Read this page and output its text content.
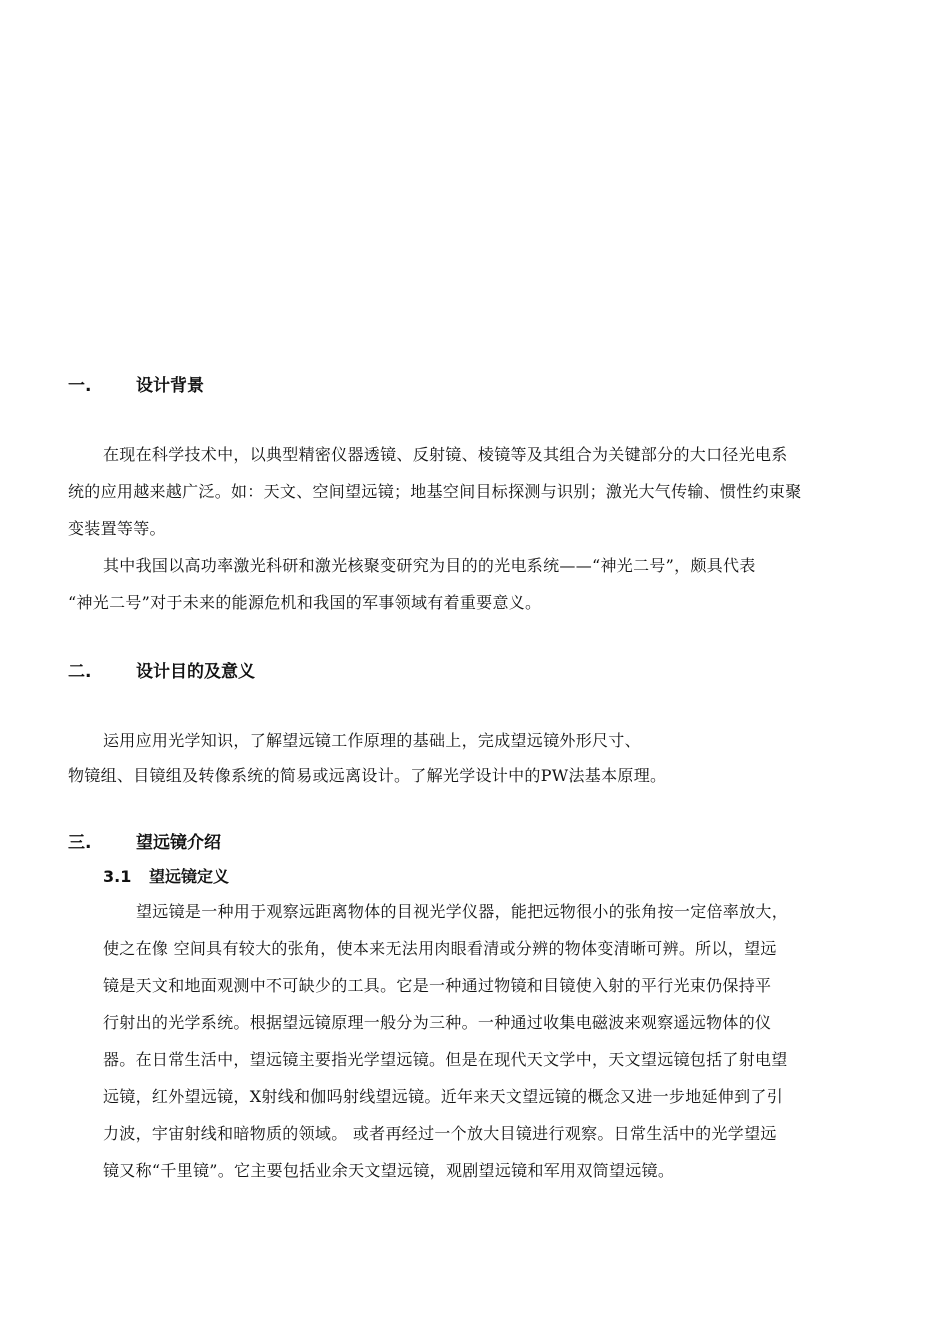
一.	设计背景
在现在科学技术中，以典型精密仪器透镜、反射镜、棱镜等及其组合为关键部分的大口径光电系
统的应用越来越广泛。如：天文、空间望远镜；地基空间目标探测与识别；激光大气传输、惯性约束聚
变装置等等。
其中我国以高功率激光科研和激光核聚变研究为目的的光电系统——“神光二号”，颇具代表
“神光二号”对于未来的能源危机和我国的军事领域有着重要意义。
二.	设计目的及意义
运用应用光学知识，了解望远镜工作原理的基础上，完成望远镜外形尺寸、
物镜组、目镜组及转像系统的简易或远离设计。了解光学设计中的PW法基本原理。
三.	望远镜介绍
3.1 望远镜定义
望远镜是一种用于观察远距离物体的目视光学仪器，能把远物很小的张角按一定倍率放大，
使之在像 空间具有较大的张角，使本来无法用肉眼看清或分辨的物体变清晰可辨。所以，望远
镜是天文和地面观测中不可缺少的工具。它是一种通过物镜和目镜使入射的平行光束仍保持平
行射出的光学系统。根据望远镜原理一般分为三种。一种通过收集电磁波来观察遥远物体的仪
器。在日常生活中，望远镜主要指光学望远镜。但是在现代天文学中，天文望远镜包括了射电望
远镜，红外望远镜，X射线和伽吗射线望远镜。近年来天文望远镜的概念又进一步地延伸到了引
力波，宇宙射线和暗物质的领域。 或者再经过一个放大目镜进行观察。日常生活中的光学望远
镜又称“千里镜”。它主要包括业余天文望远镜，观剧望远镜和军用双筒望远镜。
